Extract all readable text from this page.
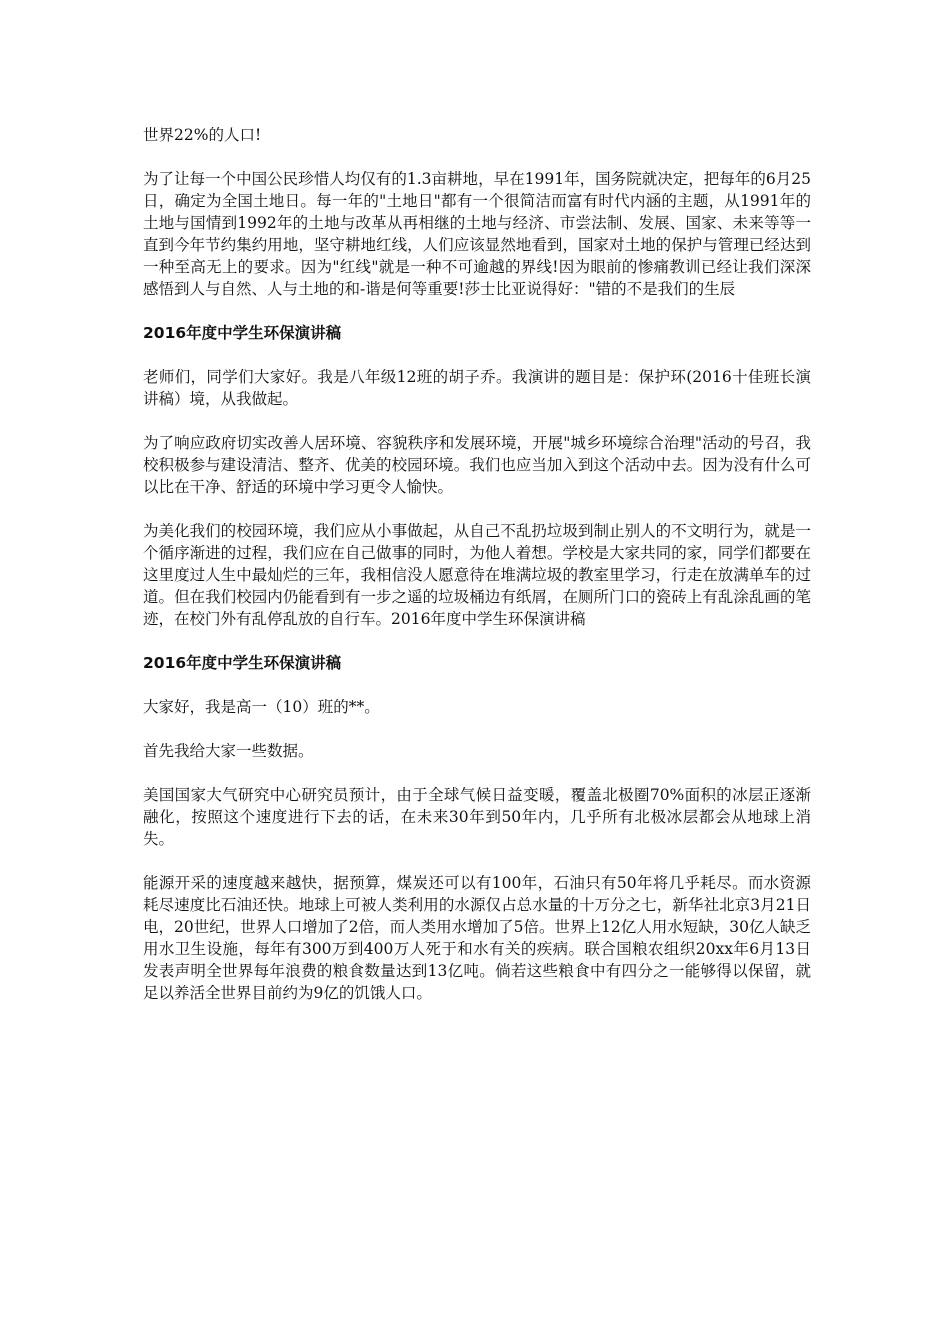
世界22%的人口!

为了让每一个中国公民珍惜人均仅有的1.3亩耕地，早在1991年，国务院就决定，把每年的6月25日，确定为全国土地日。每一年的"土地日"都有一个很简洁而富有时代内涵的主题，从1991年的土地与国情到1992年的土地与改革从再相继的土地与经济、市尝法制、发展、国家、未来等等一直到今年节约集约用地，坚守耕地红线，人们应该显然地看到，国家对土地的保护与管理已经达到一种至高无上的要求。因为"红线"就是一种不可逾越的界线!因为眼前的惨痛教训已经让我们深深感悟到人与自然、人与土地的和-谐是何等重要!莎士比亚说得好："错的不是我们的生辰

2016年度中学生环保演讲稿

老师们，同学们大家好。我是八年级12班的胡子乔。我演讲的题目是：保护环(2016十佳班长演讲稿）境，从我做起。

为了响应政府切实改善人居环境、容貌秩序和发展环境，开展"城乡环境综合治理"活动的号召，我校积极参与建设清洁、整齐、优美的校园环境。我们也应当加入到这个活动中去。因为没有什么可以比在干净、舒适的环境中学习更令人愉快。

为美化我们的校园环境，我们应从小事做起，从自己不乱扔垃圾到制止别人的不文明行为，就是一个循序渐进的过程，我们应在自己做事的同时，为他人着想。学校是大家共同的家，同学们都要在这里度过人生中最灿烂的三年，我相信没人愿意待在堆满垃圾的教室里学习，行走在放满单车的过道。但在我们校园内仍能看到有一步之遥的垃圾桶边有纸屑，在厕所门口的瓷砖上有乱涂乱画的笔迹，在校门外有乱停乱放的自行车。2016年度中学生环保演讲稿

2016年度中学生环保演讲稿

大家好，我是高一（10）班的**。

首先我给大家一些数据。

美国国家大气研究中心研究员预计，由于全球气候日益变暖，覆盖北极圈70%面积的冰层正逐渐融化，按照这个速度进行下去的话，在未来30年到50年内，几乎所有北极冰层都会从地球上消失。

能源开采的速度越来越快，据预算，煤炭还可以有100年，石油只有50年将几乎耗尽。而水资源耗尽速度比石油还快。地球上可被人类利用的水源仅占总水量的十万分之七，新华社北京3月21日电，20世纪，世界人口增加了2倍，而人类用水增加了5倍。世界上12亿人用水短缺，30亿人缺乏用水卫生设施，每年有300万到400万人死于和水有关的疾病。联合国粮农组织20xx年6月13日发表声明全世界每年浪费的粮食数量达到13亿吨。倘若这些粮食中有四分之一能够得以保留，就足以养活全世界目前约为9亿的饥饿人口。
